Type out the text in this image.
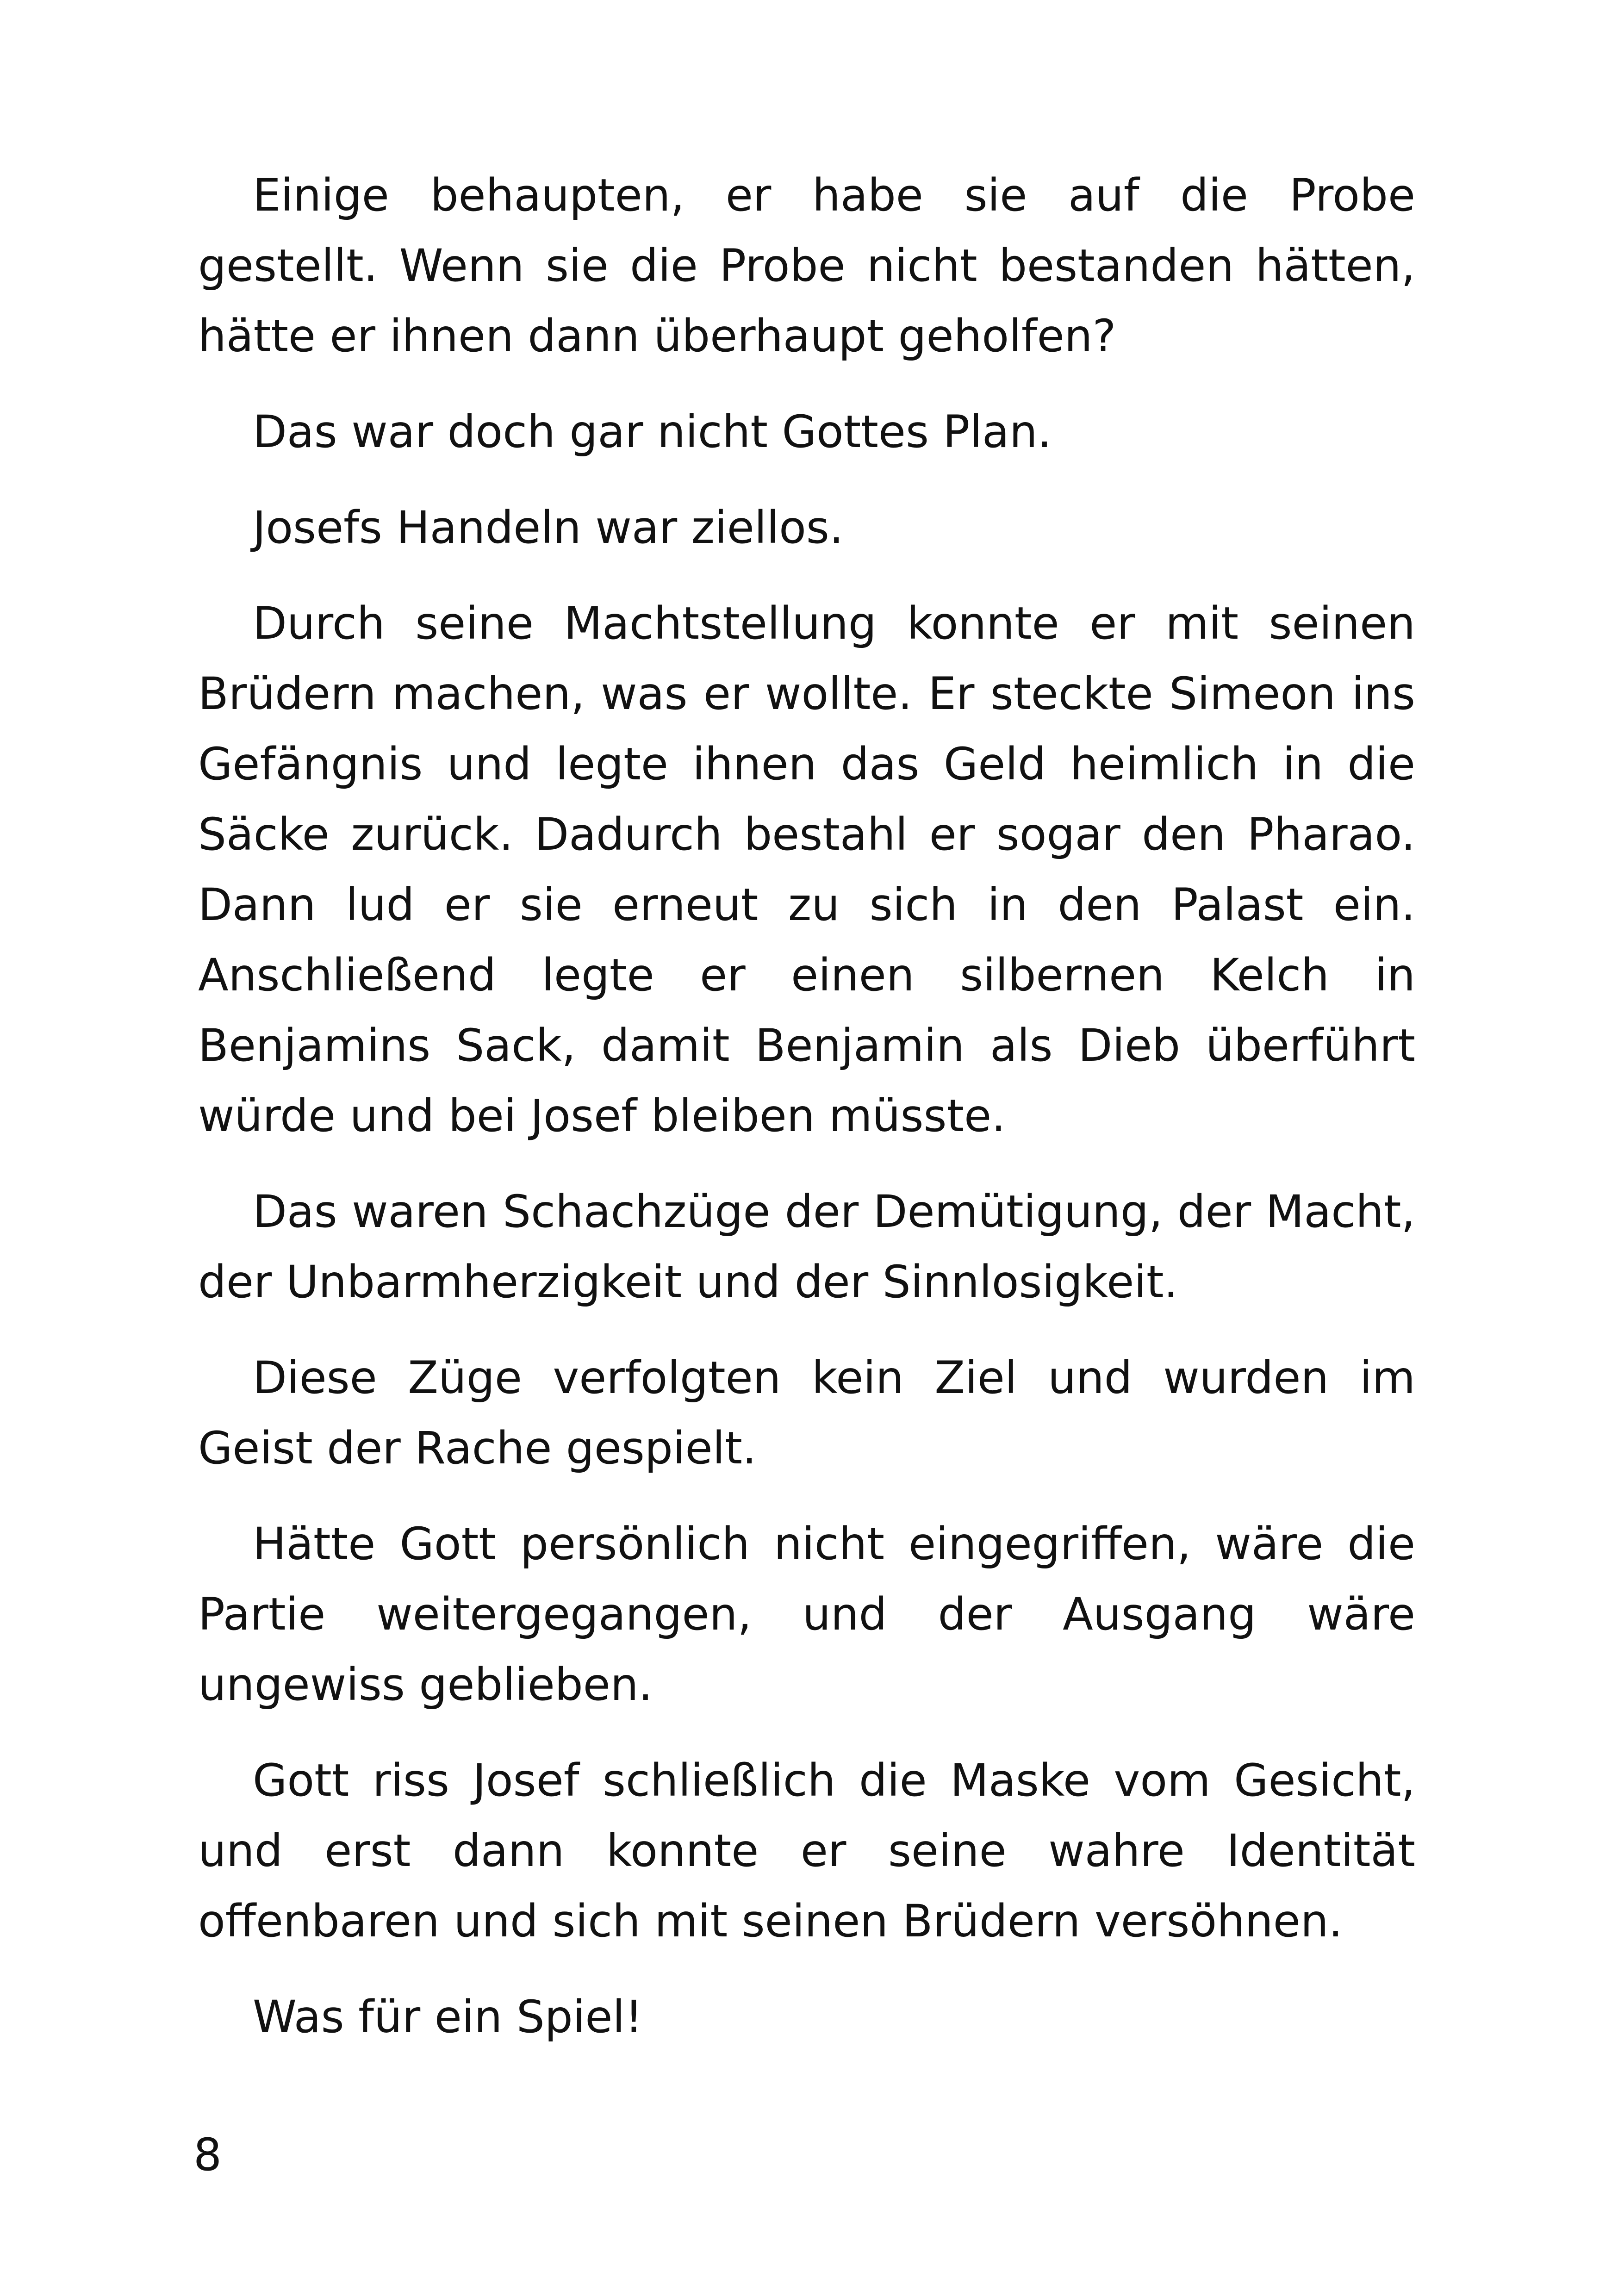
Einige behaupten, er habe sie auf die Probe gestellt. Wenn sie die Probe nicht bestanden hätten, hätte er ihnen dann überhaupt geholfen?

Das war doch gar nicht Gottes Plan.

Josefs Handeln war ziellos.

Durch seine Machtstellung konnte er mit seinen Brüdern machen, was er wollte. Er steckte Simeon ins Gefängnis und legte ihnen das Geld heimlich in die Säcke zurück. Dadurch bestahl er sogar den Pharao. Dann lud er sie erneut zu sich in den Palast ein. Anschließend legte er einen silbernen Kelch in Benjamins Sack, damit Benjamin als Dieb überführt würde und bei Josef bleiben müsste.

Das waren Schachzüge der Demütigung, der Macht, der Unbarmherzigkeit und der Sinnlosigkeit.

Diese Züge verfolgten kein Ziel und wurden im Geist der Rache gespielt.

Hätte Gott persönlich nicht eingegriffen, wäre die Partie weitergegangen, und der Ausgang wäre ungewiss geblieben.

Gott riss Josef schließlich die Maske vom Gesicht, und erst dann konnte er seine wahre Identität offenbaren und sich mit seinen Brüdern versöhnen.

Was für ein Spiel!

8
